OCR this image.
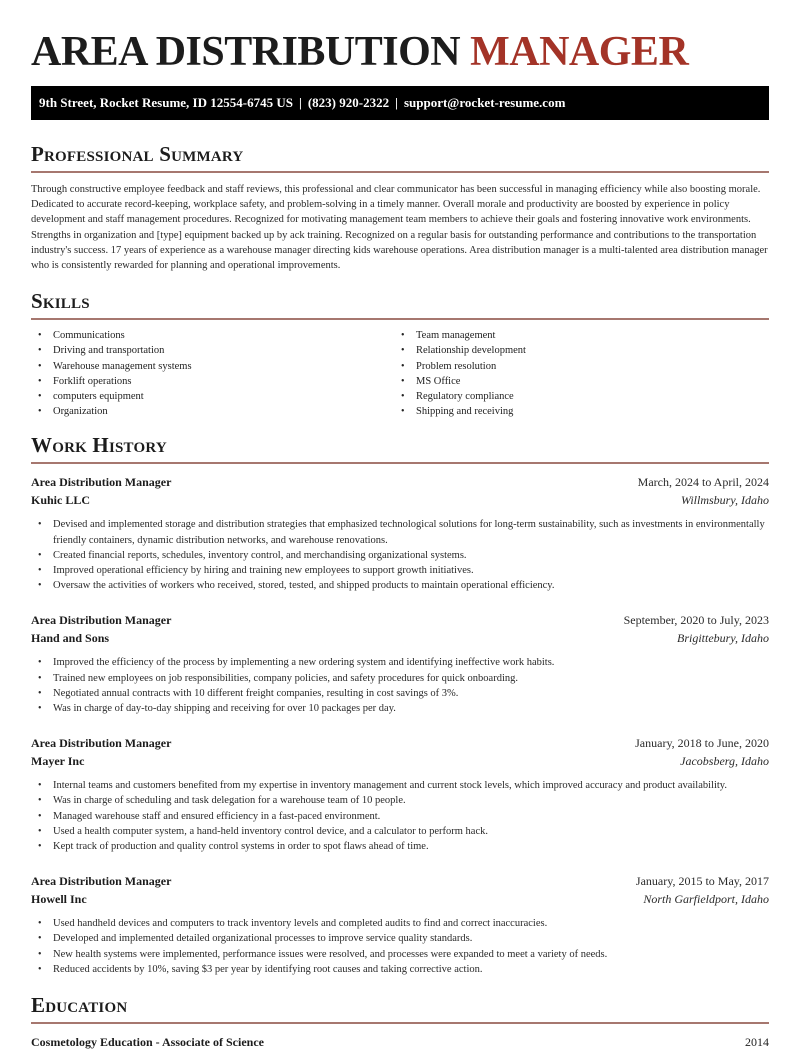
AREA DISTRIBUTION MANAGER
9th Street, Rocket Resume, ID 12554-6745 US | (823) 920-2322 | support@rocket-resume.com
Professional Summary

Through constructive employee feedback and staff reviews, this professional and clear communicator has been successful in managing efficiency while also boosting morale. Dedicated to accurate record-keeping, workplace safety, and problem-solving in a timely manner. Overall morale and productivity are boosted by experience in policy development and staff management procedures. Recognized for motivating management team members to achieve their goals and fostering innovative work environments. Strengths in organization and [type] equipment backed up by ack training. Recognized on a regular basis for outstanding performance and contributions to the transportation industry's success. 17 years of experience as a warehouse manager directing kids warehouse operations. Area distribution manager is a multi-talented area distribution manager who is consistently rewarded for planning and operational improvements.

Skills
• Communications
• Driving and transportation
• Warehouse management systems
• Forklift operations
• computers equipment
• Organization
• Team management
• Relationship development
• Problem resolution
• MS Office
• Regulatory compliance
• Shipping and receiving
Work History
Area Distribution Manager	March, 2024 to April, 2024
Kuhic LLC	Willmsbury, Idaho
• Devised and implemented storage and distribution strategies that emphasized technological solutions for long-term sustainability, such as investments in environmentally friendly containers, dynamic distribution networks, and warehouse renovations.
• Created financial reports, schedules, inventory control, and merchandising organizational systems.
• Improved operational efficiency by hiring and training new employees to support growth initiatives.
• Oversaw the activities of workers who received, stored, tested, and shipped products to maintain operational efficiency.
Area Distribution Manager	September, 2020 to July, 2023
Hand and Sons	Brigittebury, Idaho
• Improved the efficiency of the process by implementing a new ordering system and identifying ineffective work habits.
• Trained new employees on job responsibilities, company policies, and safety procedures for quick onboarding.
• Negotiated annual contracts with 10 different freight companies, resulting in cost savings of 3%.
• Was in charge of day-to-day shipping and receiving for over 10 packages per day.
Area Distribution Manager	January, 2018 to June, 2020
Mayer Inc	Jacobsberg, Idaho
• Internal teams and customers benefited from my expertise in inventory management and current stock levels, which improved accuracy and product availability.
• Was in charge of scheduling and task delegation for a warehouse team of 10 people.
• Managed warehouse staff and ensured efficiency in a fast-paced environment.
• Used a health computer system, a hand-held inventory control device, and a calculator to perform hack.
• Kept track of production and quality control systems in order to spot flaws ahead of time.
Area Distribution Manager	January, 2015 to May, 2017
Howell Inc	North Garfieldport, Idaho
• Used handheld devices and computers to track inventory levels and completed audits to find and correct inaccuracies.
• Developed and implemented detailed organizational processes to improve service quality standards.
• New health systems were implemented, performance issues were resolved, and processes were expanded to meet a variety of needs.
• Reduced accidents by 10%, saving $3 per year by identifying root causes and taking corrective action.
Education
Cosmetology Education - Associate of Science	2014
